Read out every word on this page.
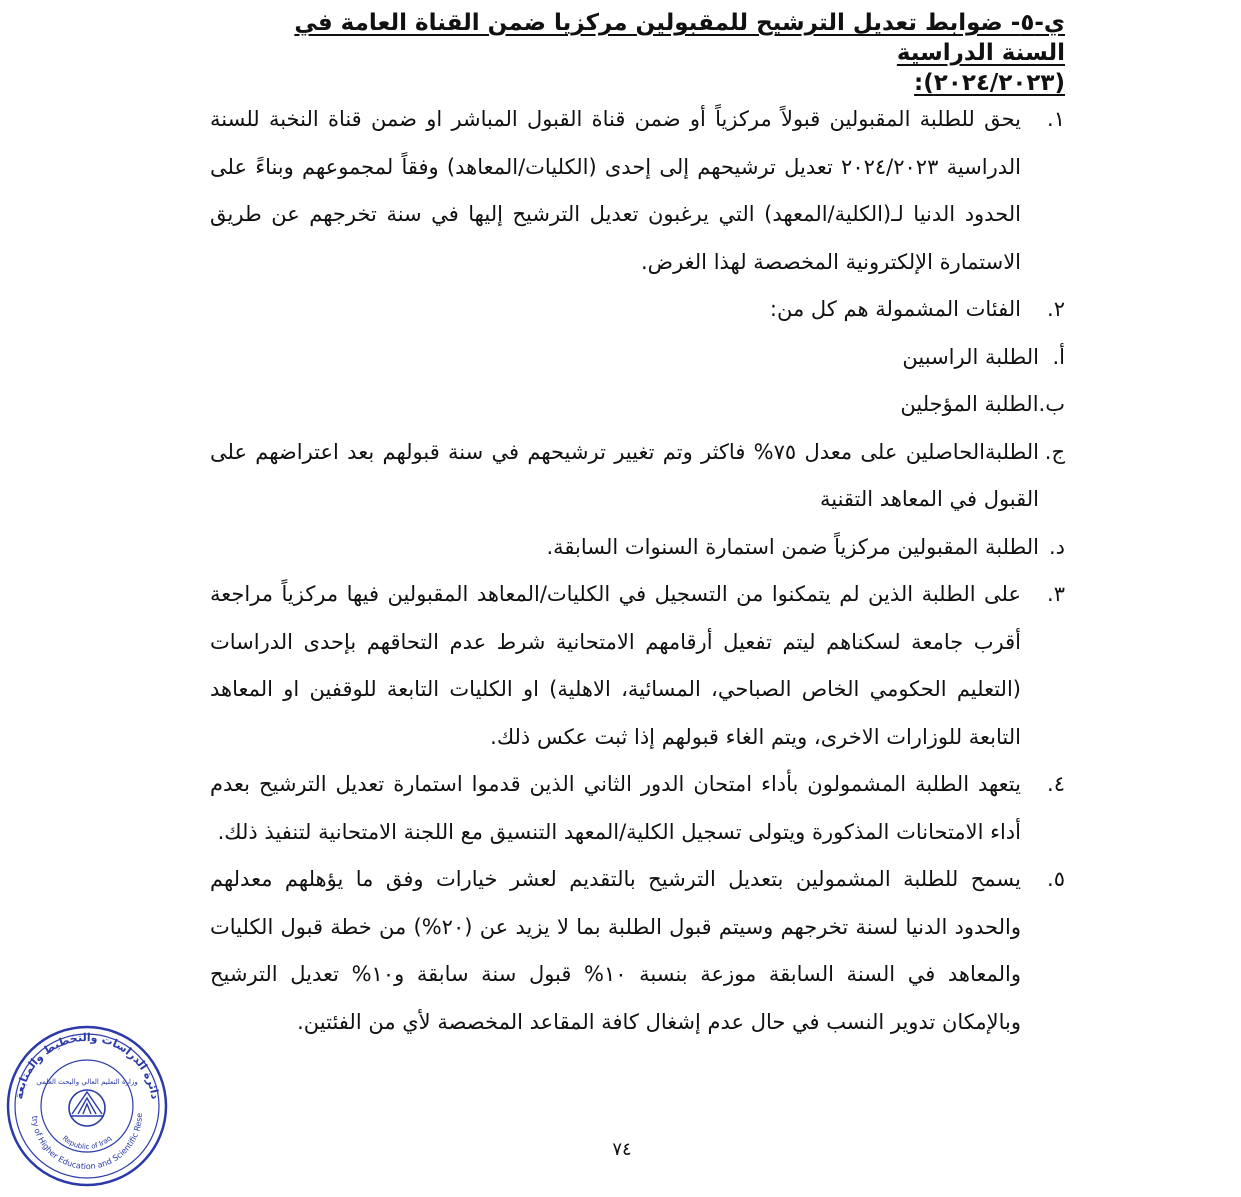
ي-٥- ضوابط تعديل الترشيح للمقبولين مركزيا ضمن القناة العامة في السنة الدراسية
(٢٠٢٤/٢٠٢٣):
١.
يحق للطلبة المقبولين قبولاً مركزياً أو ضمن قناة القبول المباشر او ضمن قناة النخبة للسنة الدراسية ٢٠٢٤/٢٠٢٣ تعديل ترشيحهم إلى إحدى (الكليات/المعاهد) وفقاً لمجموعهم وبناءً على الحدود الدنيا لـ(الكلية/المعهد) التي يرغبون تعديل الترشيح إليها في سنة تخرجهم عن طريق الاستمارة الإلكترونية المخصصة لهذا الغرض.
٢.
الفئات المشمولة هم كل من:
أ.
الطلبة الراسبين
ب.
الطلبة المؤجلين
ج.
الطلبةالحاصلين على معدل ٧٥% فاكثر وتم تغيير ترشيحهم في سنة قبولهم بعد اعتراضهم على القبول في المعاهد التقنية
د.
الطلبة المقبولين مركزياً ضمن استمارة السنوات السابقة.
٣.
على الطلبة الذين لم يتمكنوا من التسجيل في الكليات/المعاهد المقبولين فيها مركزياً مراجعة أقرب جامعة لسكناهم ليتم تفعيل أرقامهم الامتحانية شرط عدم التحاقهم بإحدى الدراسات (التعليم الحكومي الخاص الصباحي، المسائية، الاهلية) او الكليات التابعة للوقفين او المعاهد التابعة للوزارات الاخرى، ويتم الغاء قبولهم إذا ثبت عكس ذلك.
٤.
يتعهد الطلبة المشمولون بأداء امتحان الدور الثاني الذين قدموا استمارة تعديل الترشيح بعدم أداء الامتحانات المذكورة ويتولى تسجيل الكلية/المعهد التنسيق مع اللجنة الامتحانية لتنفيذ ذلك.
٥.
يسمح للطلبة المشمولين بتعديل الترشيح بالتقديم لعشر خيارات وفق ما يؤهلهم معدلهم والحدود الدنيا لسنة تخرجهم وسيتم قبول الطلبة بما لا يزيد عن (٢٠%) من خطة قبول الكليات والمعاهد في السنة السابقة موزعة بنسبة ١٠% قبول سنة سابقة و١٠% تعديل الترشيح وبالإمكان تدوير النسب في حال عدم إشغال كافة المقاعد المخصصة لأي من الفئتين.
دائرة الدراسات والتخطيط والمتابعة
try of Higher Education and Scientific Rese
Republic of Iraq
وزارة التعليم العالي والبحث العلمي
٧٤
